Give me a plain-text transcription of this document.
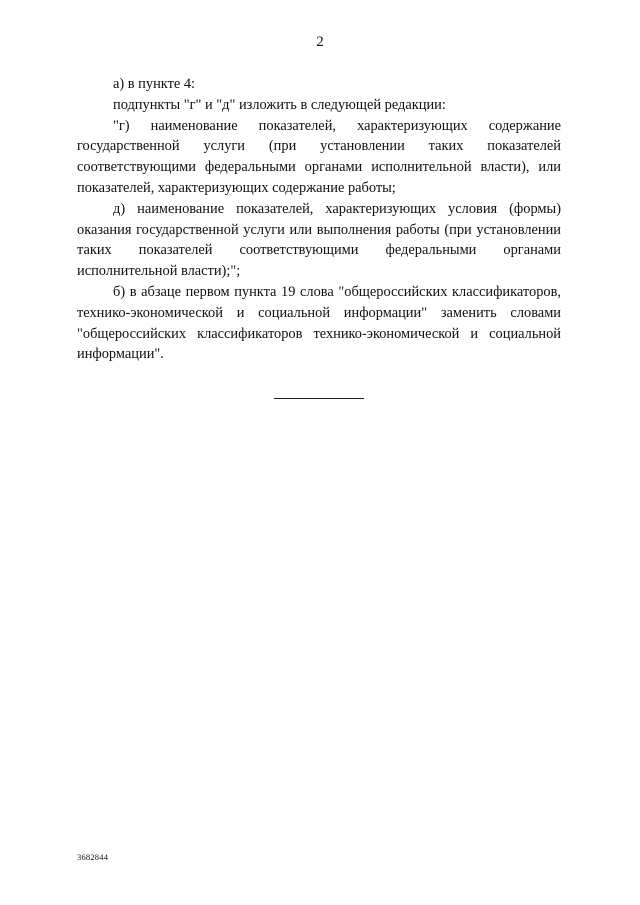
2

а) в пункте 4:

подпункты "г" и "д" изложить в следующей редакции:

"г) наименование показателей, характеризующих содержание государственной услуги (при установлении таких показателей соответствующими федеральными органами исполнительной власти), или показателей, характеризующих содержание работы;

д) наименование показателей, характеризующих условия (формы) оказания государственной услуги или выполнения работы (при установлении таких показателей соответствующими федеральными органами исполнительной власти);";

б) в абзаце первом пункта 19 слова "общероссийских классификаторов, технико-экономической и социальной информации" заменить словами "общероссийских классификаторов технико-экономической и социальной информации".

3682844
